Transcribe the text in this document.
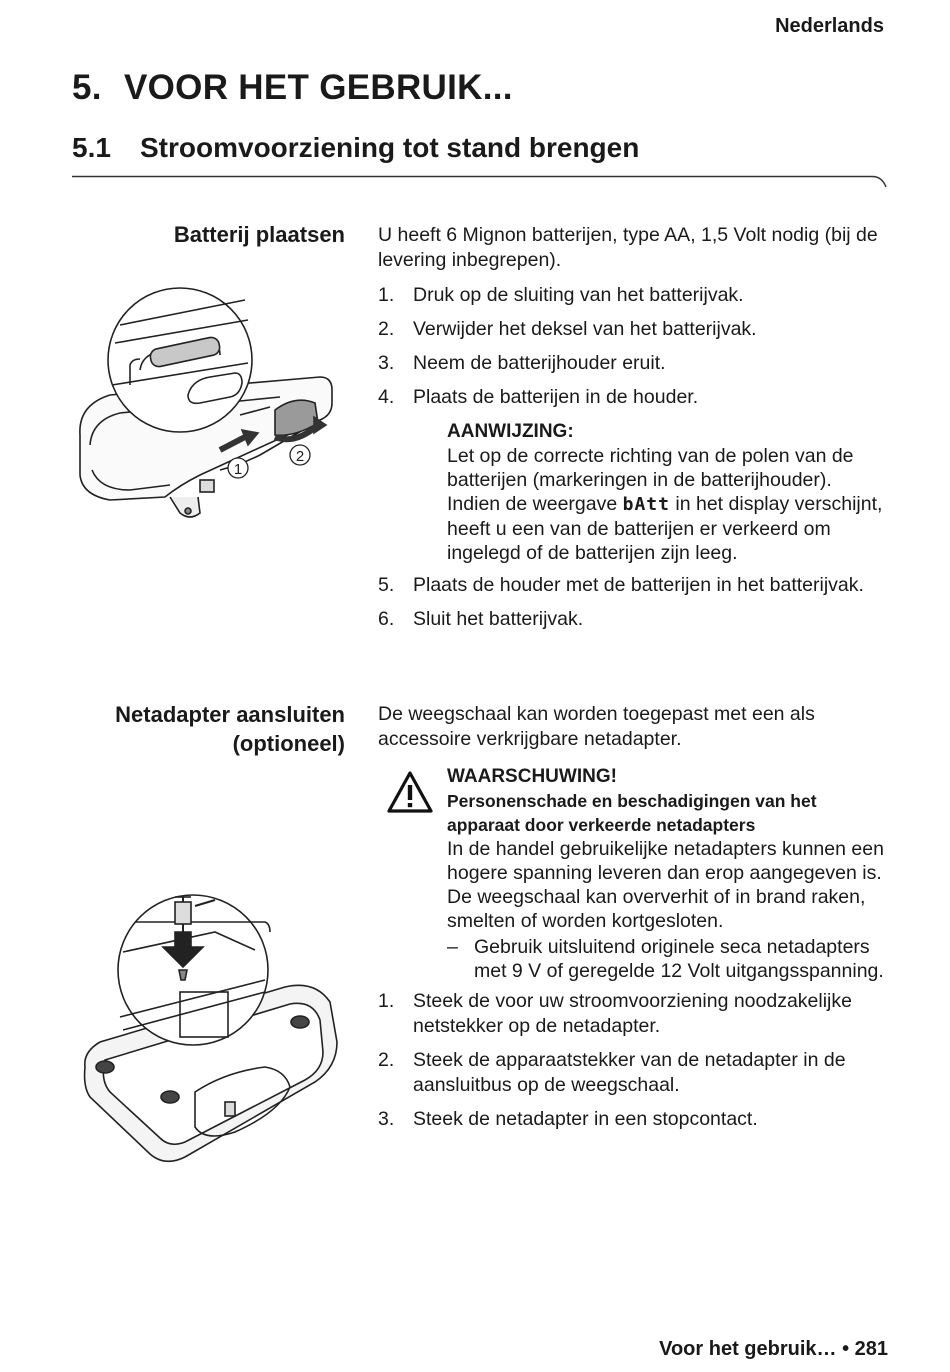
Nederlands
5. VOOR HET GEBRUIK...
5.1 Stroomvoorziening tot stand brengen
Batterij plaatsen U heeft 6 Mignon batterijen, type AA, 1,5 Volt nodig (bij de levering inbegrepen).
1. Druk op de sluiting van het batterijvak.
2. Verwijder het deksel van het batterijvak.
3. Neem de batterijhouder eruit.
4. Plaats de batterijen in de houder.
AANWIJZING:
Let op de correcte richting van de polen van de batterijen (markeringen in de batterijhouder). Indien de weergave bAtt in het display verschijnt, heeft u een van de batterijen er verkeerd om ingelegd of de batterijen zijn leeg.
5. Plaats de houder met de batterijen in het batterijvak.
6. Sluit het batterijvak.
1
2
Netadapter aansluiten
(optioneel)
De weegschaal kan worden toegepast met een als accessoire verkrijgbare netadapter.
WAARSCHUWING!
Personenschade en beschadigingen van het apparaat door verkeerde netadapters
In de handel gebruikelijke netadapters kunnen een hogere spanning leveren dan erop aangegeven is. De weegschaal kan oververhit of in brand raken, smelten of worden kortgesloten.
– Gebruik uitsluitend originele seca netadapters met 9 V of geregelde 12 Volt uitgangsspanning.
1. Steek de voor uw stroomvoorziening noodzakelijke netstekker op de netadapter.
2. Steek de apparaatstekker van de netadapter in de aansluitbus op de weegschaal.
3. Steek de netadapter in een stopcontact.
Voor het gebruik… • 281
